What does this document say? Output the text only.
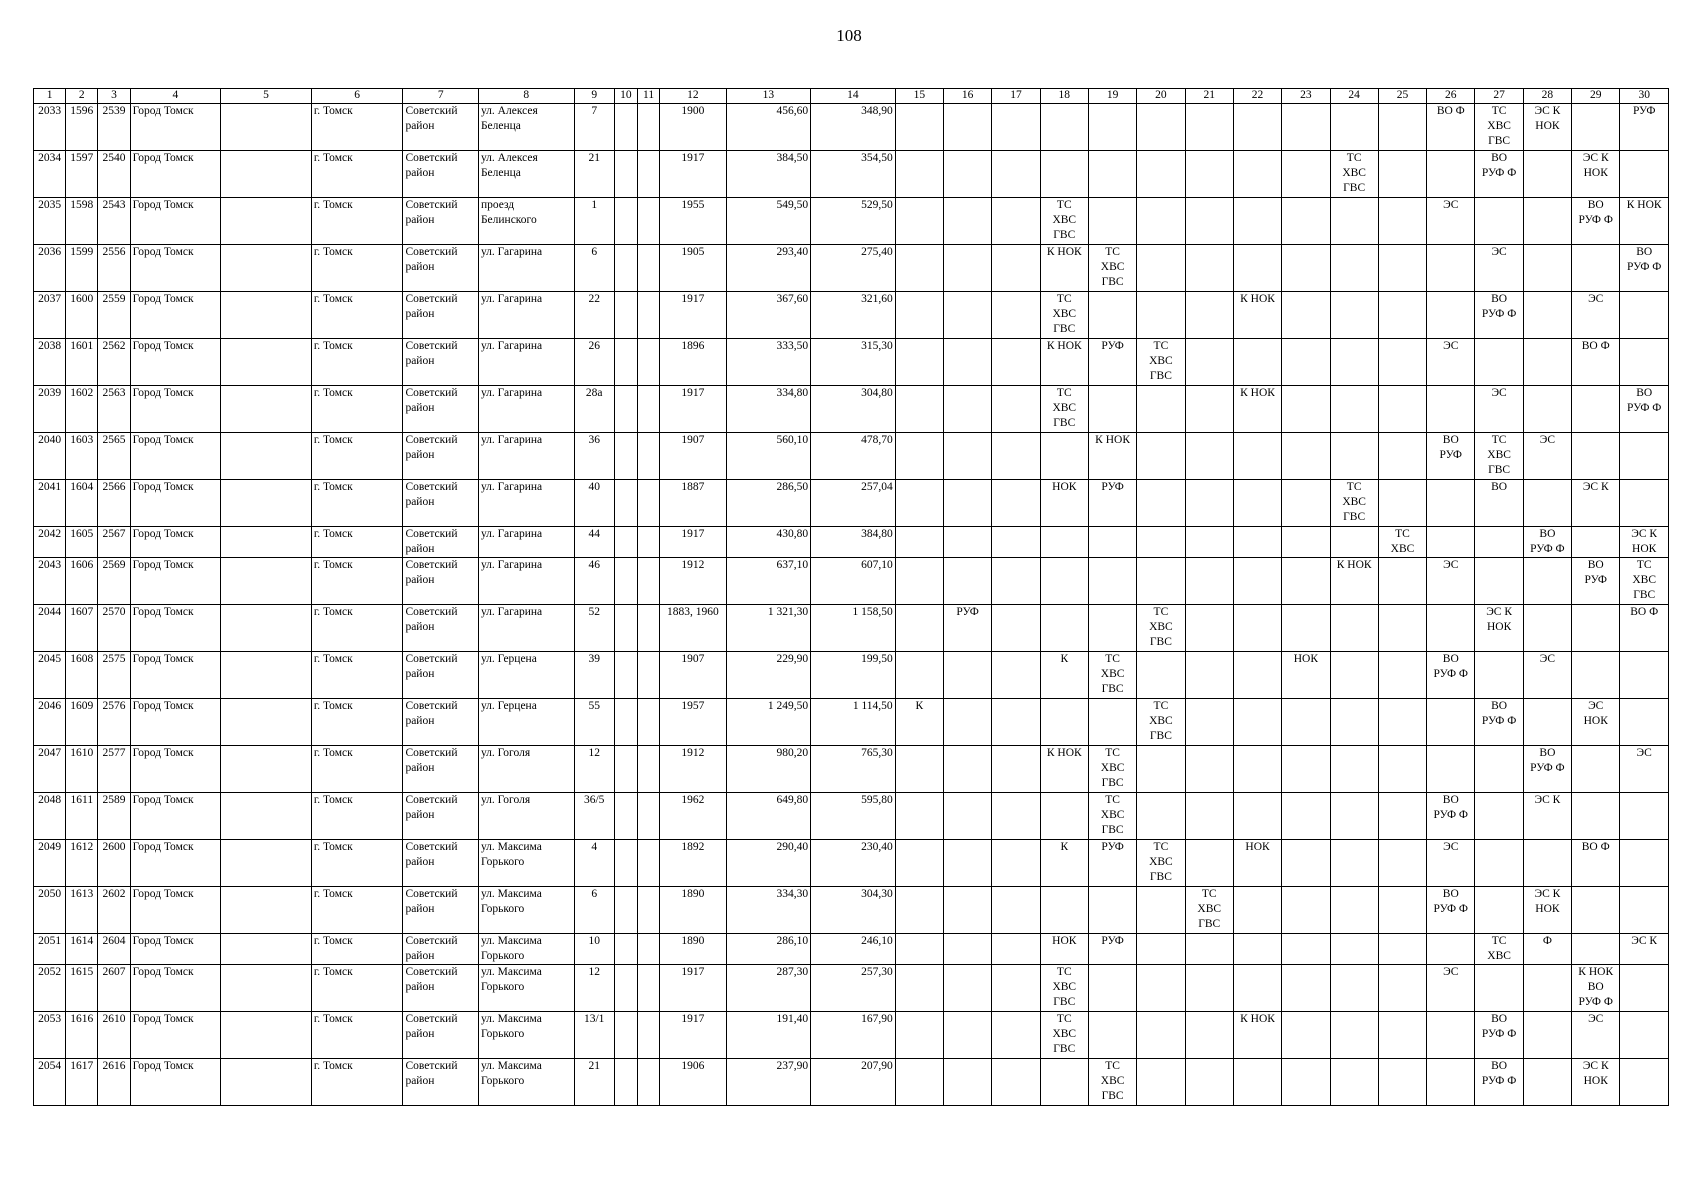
108
1	2	3	4	5	6	7	8	9	10	11	12	13	14	15	16	17	18	19	20	21	22	23	24	25	26	27	28	29	30

2033	1596	2539	Город Томск		г. Томск	Советский
район	ул. Алексея
Беленца	7			1900	456,60	348,90												ВО Ф	ТС
ХВС
ГВС	ЭС К
НОК		РУФ

2034	1597	2540	Город Томск		г. Томск	Советский
район	ул. Алексея
Беленца	21			1917	384,50	354,50										ТС
ХВС
ГВС			ВО
РУФ Ф		ЭС К
НОК	

2035	1598	2543	Город Томск		г. Томск	Советский
район	проезд
Белинского	1			1955	549,50	529,50				ТС
ХВС
ГВС								ЭС			ВО
РУФ Ф	К НОК

2036	1599	2556	Город Томск		г. Томск	Советский
район	ул. Гагарина	6			1905	293,40	275,40				К НОК	ТС
ХВС
ГВС								ЭС			ВО
РУФ Ф

2037	1600	2559	Город Томск		г. Томск	Советский
район	ул. Гагарина	22			1917	367,60	321,60				ТС
ХВС
ГВС				К НОК					ВО
РУФ Ф		ЭС	

2038	1601	2562	Город Томск		г. Томск	Советский
район	ул. Гагарина	26			1896	333,50	315,30				К НОК	РУФ	ТС
ХВС
ГВС						ЭС			ВО Ф	

2039	1602	2563	Город Томск		г. Томск	Советский
район	ул. Гагарина	28а			1917	334,80	304,80				ТС
ХВС
ГВС				К НОК					ЭС			ВО
РУФ Ф

2040	1603	2565	Город Томск		г. Томск	Советский
район	ул. Гагарина	36			1907	560,10	478,70					К НОК							ВО
РУФ	ТС
ХВС
ГВС	ЭС		

2041	1604	2566	Город Томск		г. Томск	Советский
район	ул. Гагарина	40			1887	286,50	257,04				НОК	РУФ					ТС
ХВС
ГВС			ВО		ЭС К	

2042	1605	2567	Город Томск		г. Томск	Советский
район	ул. Гагарина	44			1917	430,80	384,80											ТС
ХВС			ВО
РУФ Ф		ЭС К
НОК

2043	1606	2569	Город Томск		г. Томск	Советский
район	ул. Гагарина	46			1912	637,10	607,10										К НОК		ЭС			ВО
РУФ	ТС
ХВС
ГВС

2044	1607	2570	Город Томск		г. Томск	Советский
район	ул. Гагарина	52			1883, 1960	1 321,30	1 158,50		РУФ				ТС
ХВС
ГВС							ЭС К
НОК			ВО Ф

2045	1608	2575	Город Томск		г. Томск	Советский
район	ул. Герцена	39			1907	229,90	199,50				К	ТС
ХВС
ГВС				НОК			ВО
РУФ Ф		ЭС		

2046	1609	2576	Город Томск		г. Томск	Советский
район	ул. Герцена	55			1957	1 249,50	1 114,50	К					ТС
ХВС
ГВС							ВО
РУФ Ф		ЭС
НОК	

2047	1610	2577	Город Томск		г. Томск	Советский
район	ул. Гоголя	12			1912	980,20	765,30				К НОК	ТС
ХВС
ГВС									ВО
РУФ Ф		ЭС

2048	1611	2589	Город Томск		г. Томск	Советский
район	ул. Гоголя	36/5			1962	649,80	595,80					ТС
ХВС
ГВС							ВО
РУФ Ф		ЭС К		

2049	1612	2600	Город Томск		г. Томск	Советский
район	ул. Максима
Горького	4			1892	290,40	230,40				К	РУФ	ТС
ХВС
ГВС		НОК				ЭС			ВО Ф	

2050	1613	2602	Город Томск		г. Томск	Советский
район	ул. Максима
Горького	6			1890	334,30	304,30							ТС
ХВС
ГВС					ВО
РУФ Ф		ЭС К
НОК		

2051	1614	2604	Город Томск		г. Томск	Советский
район	ул. Максима
Горького	10			1890	286,10	246,10				НОК	РУФ								ТС
ХВС	Ф		ЭС К

2052	1615	2607	Город Томск		г. Томск	Советский
район	ул. Максима
Горького	12			1917	287,30	257,30				ТС
ХВС
ГВС								ЭС			К НОК
ВО
РУФ Ф	

2053	1616	2610	Город Томск		г. Томск	Советский
район	ул. Максима
Горького	13/1			1917	191,40	167,90				ТС
ХВС
ГВС				К НОК					ВО
РУФ Ф		ЭС	

2054	1617	2616	Город Томск		г. Томск	Советский
район	ул. Максима
Горького	21			1906	237,90	207,90					ТС
ХВС
ГВС								ВО
РУФ Ф		ЭС К
НОК	
